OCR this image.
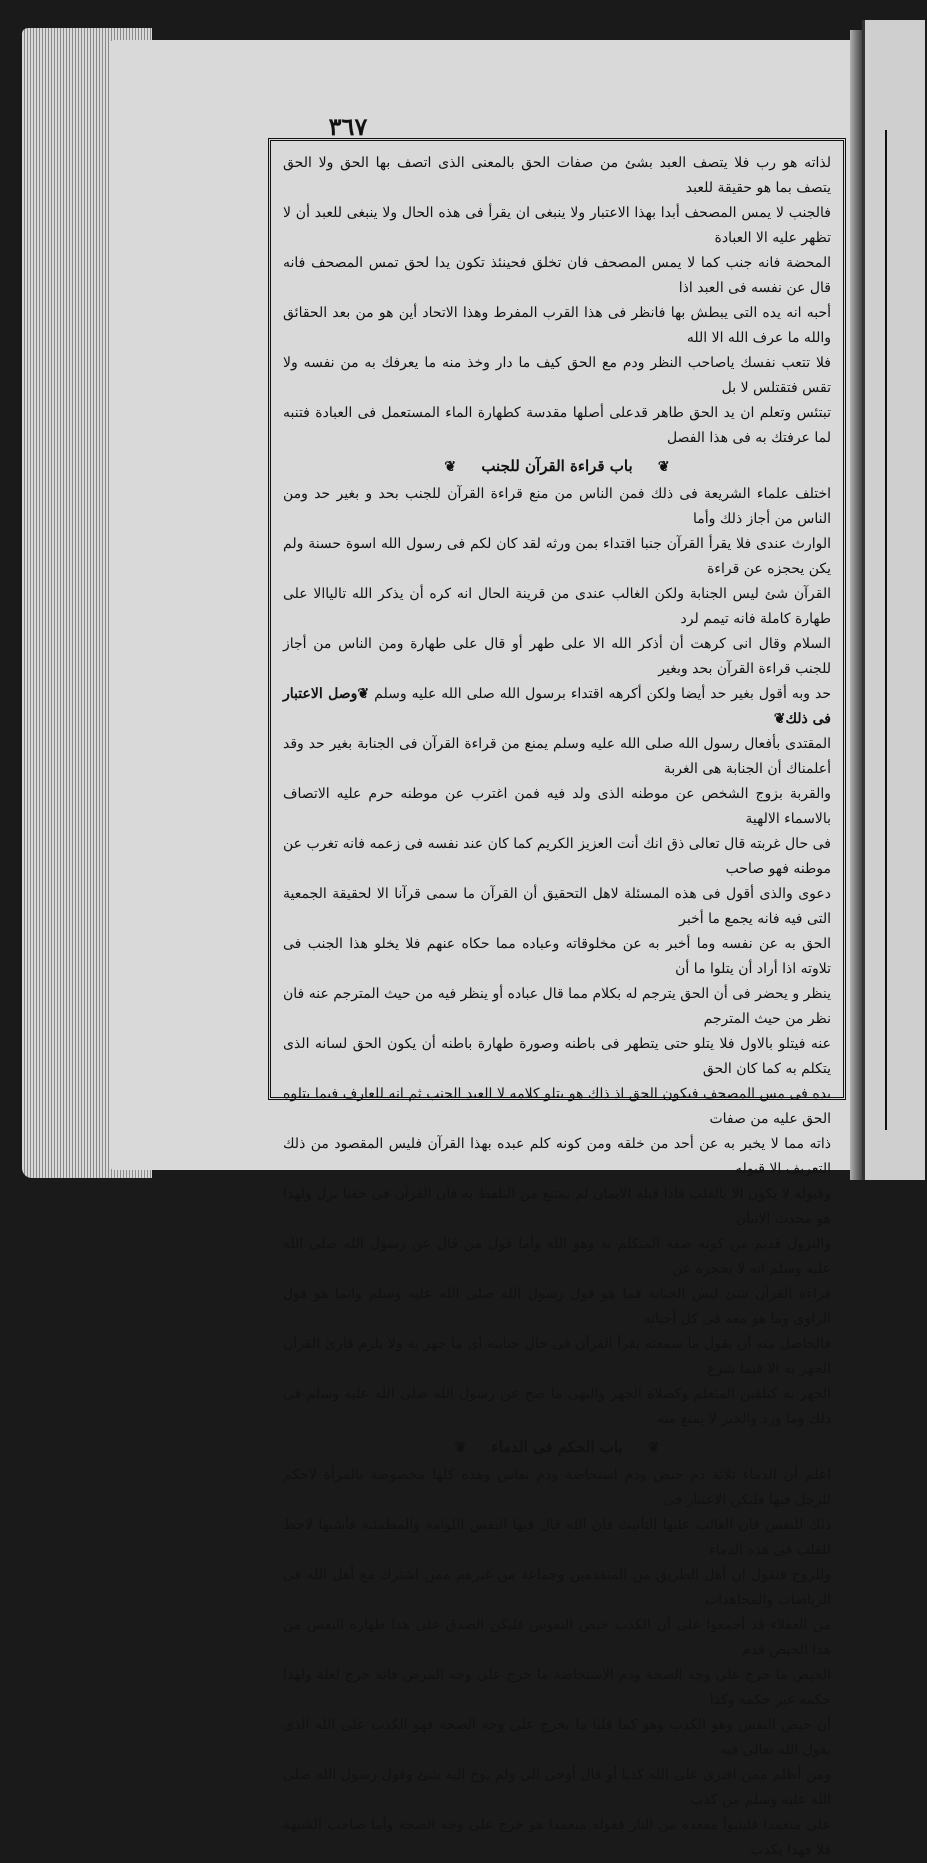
٣٦٧
لذاته هو رب فلا يتصف العبد بشئ من صفات الحق بالمعنى الذى اتصف بها الحق ولا الحق يتصف بما هو حقيقة للعبد
فالجنب لا يمس المصحف أبدا بهذا الاعتبار ولا ينبغى ان يقرأ فى هذه الحال ولا ينبغى للعبد أن لا تظهر عليه الا العبادة
المحضة فانه جنب كما لا يمس المصحف فان تخلق فحينئذ تكون يدا لحق تمس المصحف فانه قال عن نفسه فى العبد اذا
أحبه انه يده التى يبطش بها فانظر فى هذا القرب المفرط وهذا الاتحاد أين هو من بعد الحقائق والله ما عرف الله الا الله
فلا تتعب نفسك ياصاحب النظر ودم مع الحق كيف ما دار وخذ منه ما يعرفك به من نفسه ولا تقس فتقتلس لا بل
تبتئس وتعلم ان يد الحق طاهر قدعلى أصلها مقدسة كطهارة الماء المستعمل فى العبادة فتنبه لما عرفتك به فى هذا الفصل
❦ باب قراءة القرآن للجنب ❦
اختلف علماء الشريعة فى ذلك فمن الناس من منع قراءة القرآن للجنب بحد و بغير حد ومن الناس من أجاز ذلك وأما
الوارث عندى فلا يقرأ القرآن جنبا اقتداء بمن ورثه لقد كان لكم فى رسول الله اسوة حسنة ولم يكن يحجزه عن قراءة
القرآن شئ ليس الجنابة ولكن الغالب عندى من قرينة الحال انه كره أن يذكر الله تالياالا على طهارة كاملة فانه تيمم لرد
السلام وقال انى كرهت أن أذكر الله الا على طهر أو قال على طهارة ومن الناس من أجاز للجنب قراءة القرآن بحد وبغير
حد وبه أقول بغير حد أيضا ولكن أكرهه اقتداء برسول الله صلى الله عليه وسلم ❦وصل الاعتبار فى ذلك❦
المقتدى بأفعال رسول الله صلى الله عليه وسلم يمنع من قراءة القرآن فى الجنابة بغير حد وقد أعلمناك أن الجنابة هى الغربة
والقربة بزوج الشخص عن موطنه الذى ولد فيه فمن اغترب عن موطنه حرم عليه الاتصاف بالاسماء الالهية
فى حال غربته قال تعالى ذق انك أنت العزيز الكريم كما كان عند نفسه فى زعمه فانه تغرب عن موطنه فهو صاحب
دعوى والذى أقول فى هذه المسئلة لاهل التحقيق أن القرآن ما سمى قرآنا الا لحقيقة الجمعية التى فيه فانه يجمع ما أخبر
الحق به عن نفسه وما أخبر به عن مخلوقاته وعباده مما حكاه عنهم فلا يخلو هذا الجنب فى تلاوته اذا أراد أن يتلوا ما أن
ينظر و يحضر فى أن الحق يترجم له بكلام مما قال عباده أو ينظر فيه من حيث المترجم عنه فان نظر من حيث المترجم
عنه فيتلو بالاول فلا يتلو حتى يتطهر فى باطنه وصورة طهارة باطنه أن يكون الحق لسانه الذى يتكلم به كما كان الحق
يده فى مس المصحف فيكون الحق اذ ذاك هو يتلو كلامه لا العبد الجنب ثم انه للعارف فيما يتلوه الحق عليه من صفات
ذاته مما لا يخبر به عن أحد من خلقه ومن كونه كلم عبده بهذا القرآن فليس المقصود من ذلك التعريف الا قبوله
وقبوله لا يكون الا بالقلب فاذا قبله الايمان لم يمتنع من التلفظ به فان القرآن فى حقنا نزل ولهذا هو محدث الاتيان
والنزول قديم من كونه صفة المتكلم به وهو الله وأما قول من قال عن رسول الله صلى الله عليه وسلم انه لا يحجزه عن
قراءة القرآن شئ ليس الجنابة فما هو قول رسول الله صلى الله عليه وسلم وانما هو قول الراوى وما هو معه فى كل أحيانه
فالحاصل منه أن يقول ما سمعته يقرأ القرآن فى حال جنابته أى ما جهر به ولا يلزم قارئ القرآن الجهر به الا فيما شرع
الجهر به كتلقين المتعلم وكصلاة الجهر والنهى ما صح عن رسول الله صلى الله عليه وسلم فى ذلك وما ورد والخبر لا يمنع منه
❦ باب الحكم فى الدماء ❦
اعلم أن الدماء ثلاثة دم حيض ودم استحاضة ودم نفاس وهذه كلها مخصوصة بالمرأة لاحكم للرجل فيها فليكن الاعتبار فى
ذلك للنفس فان الغالب عليها التأنيث فان الله قال فيها النفس اللوامة والمطمئنة فأشبها لاحظ للقلب فى هذه الدماء
وللروح فنقول ان أهل الطريق من المتقدمين وجماعة من غيرهم ممن اشترك مع أهل الله فى الرياضات والمجاهدات
من العقلاء قد أجمعوا على أن الكذب حيض النفوس فليكن الصدق على هذا طهارة النفس من هذا الحيض فدم
الحيض ما خرج على وجه الصحة ودم الاستحاضة ما خرج على وجه المرض فانه خرج لعلة ولهذا حكمه غير حكمه وكذا
أن حيض النفس وهو الكذب وهو كما قلنا ما يخرج على وجه الصحة فهو الكذب على الله الذى يقول الله تعالى فيه
ومن أظلم ممن افترى على الله كذبا أو قال أوحى الى ولم يوح اليه شئ وقول رسول الله صلى الله عليه وسلم من كذب
على متعمدا فليتبوأ مقعده من النار فقوله متعمدا هو خرج على وجه الصحة وأما صاحب الشبهة فلا فهذا يكذب
